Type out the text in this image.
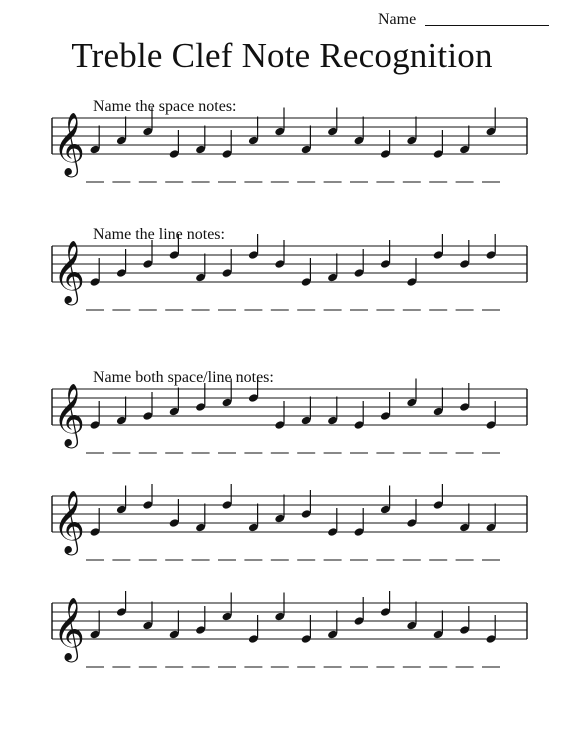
Name
Treble Clef Note Recognition
Name the space notes:
𝄞
Name the line notes:
𝄞
Name both space/line notes:
𝄞
𝄞
𝄞
